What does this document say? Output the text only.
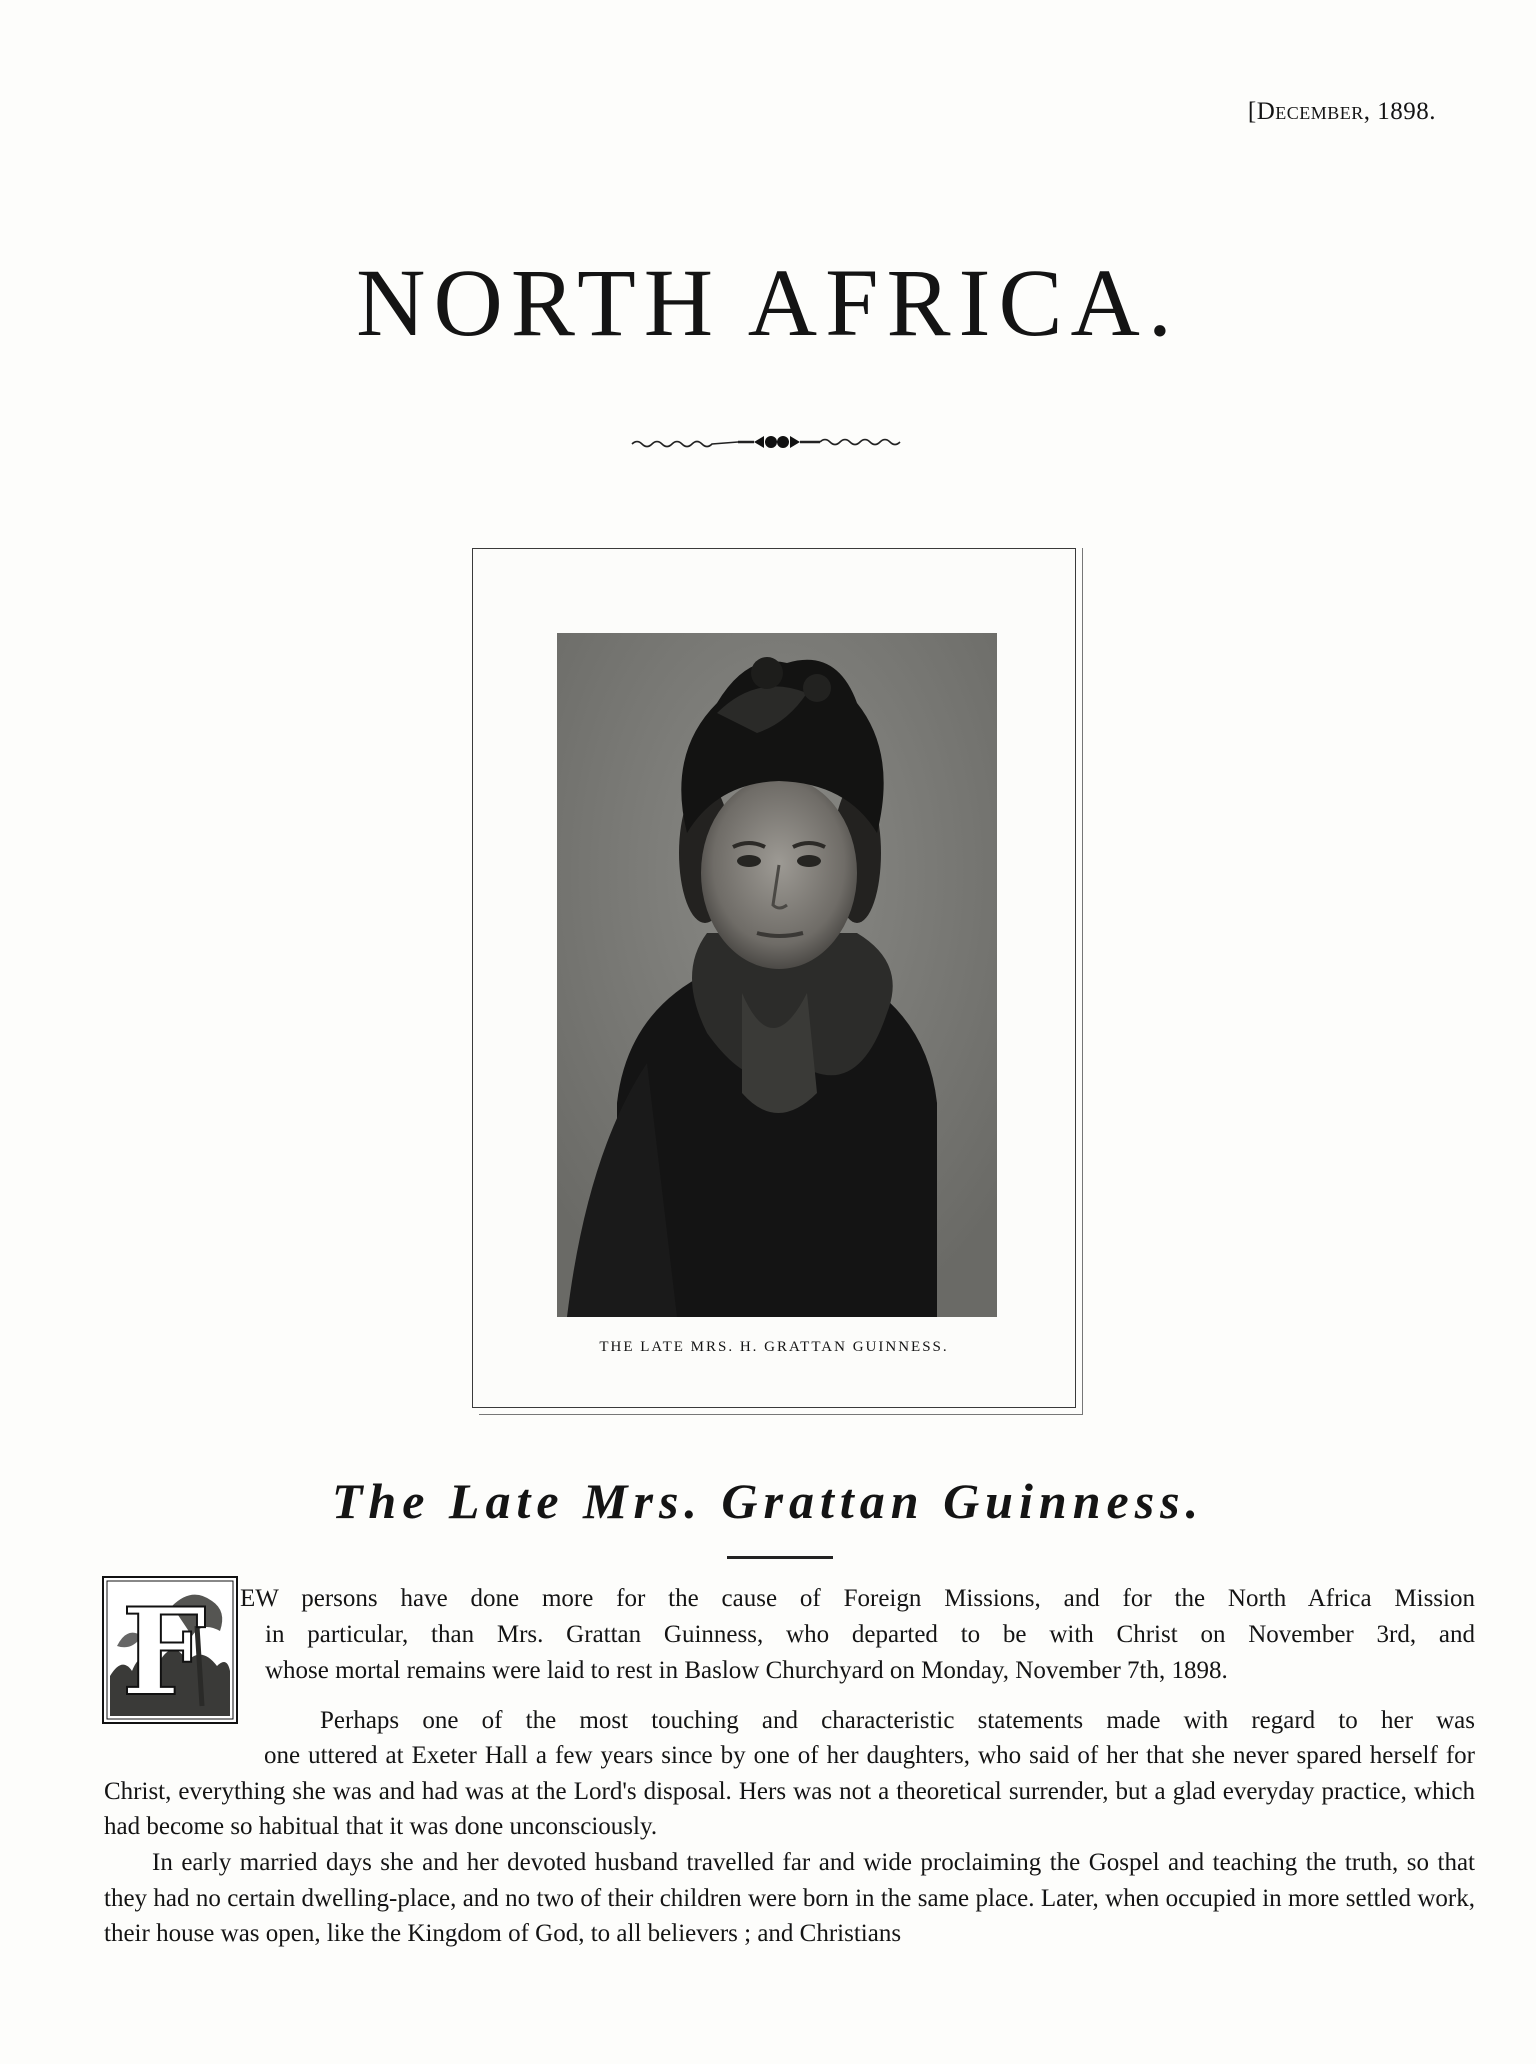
[December, 1898.
NORTH AFRICA.
THE LATE MRS. H. GRATTAN GUINNESS.
The Late Mrs. Grattan Guinness.
F EW persons have done more for the cause of Foreign Missions, and for the North Africa Mission

in particular, than Mrs. Grattan Guinness, who departed to be with Christ on November 3rd, and

whose mortal remains were laid to rest in Baslow Churchyard on Monday, November 7th, 1898.

Perhaps one of the most touching and characteristic statements made with regard to her was

one uttered at Exeter Hall a few years since by one of her daughters, who said of her that she never spared herself for Christ, everything she was and had was at the Lord's disposal. Hers was not a theoretical surrender, but a glad everyday practice, which had become so habitual that it was done unconsciously.

In early married days she and her devoted husband travelled far and wide proclaiming the Gospel and teaching the truth, so that they had no certain dwelling-place, and no two of their children were born in the same place. Later, when occupied in more settled work, their house was open, like the Kingdom of God, to all believers ; and Christians
